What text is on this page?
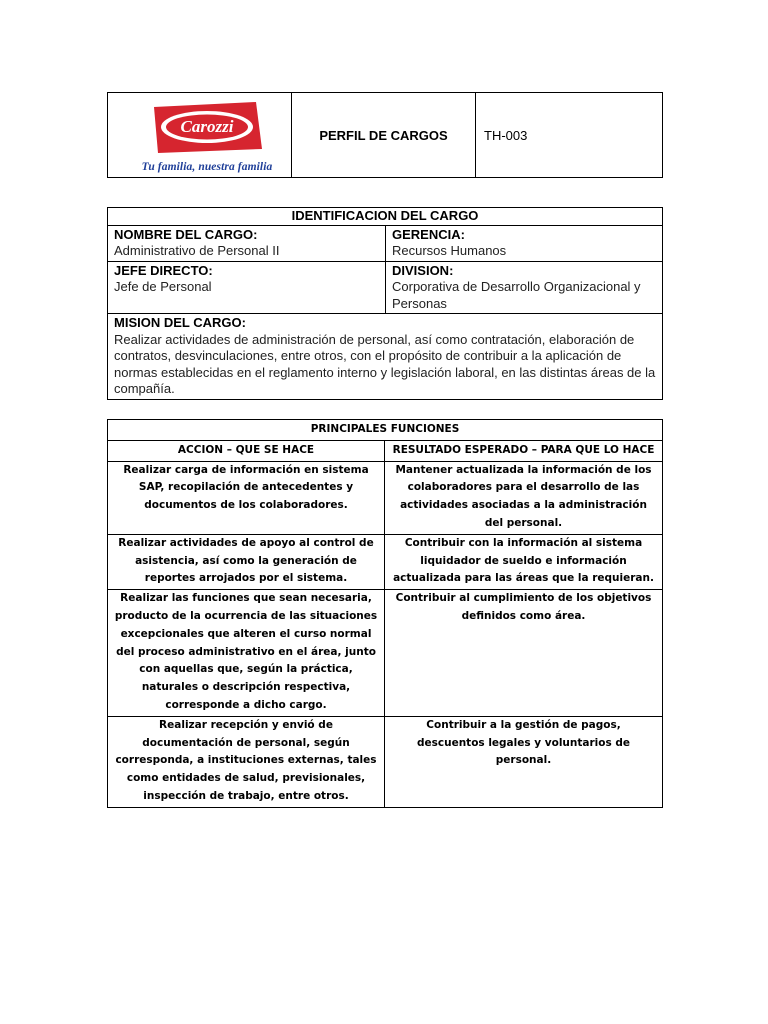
Carozzi
Tu familia, nuestra familia
	PERFIL DE CARGOS	TH-003
IDENTIFICACION DEL CARGO	

NOMBRE DEL CARGO:
Administrativo de Personal II	GERENCIA:
Recursos Humanos

JEFE DIRECTO:
Jefe de Personal	DIVISION:
Corporativa de Desarrollo Organizacional y Personas

MISION DEL CARGO:
Realizar actividades de administración de personal, así como contratación, elaboración de contratos, desvinculaciones, entre otros, con el propósito de contribuir a la aplicación de normas establecidas en el reglamento interno y legislación laboral, en las distintas áreas de la compañía.	
PRINCIPALES FUNCIONES	
ACCION – QUE SE HACE	RESULTADO ESPERADO – PARA QUE LO HACE
Realizar carga de información en sistema SAP, recopilación de antecedentes y documentos de los colaboradores.	Mantener actualizada la información de los colaboradores para el desarrollo de las actividades asociadas a la administración del personal.
Realizar actividades de apoyo al control de asistencia, así como la generación de reportes arrojados por el sistema.	Contribuir con la información al sistema liquidador de sueldo e información actualizada para las áreas que la requieran.
Realizar las funciones que sean necesaria, producto de la ocurrencia de las situaciones excepcionales que alteren el curso normal del proceso administrativo en el área, junto con aquellas que, según la práctica, naturales o descripción respectiva, corresponde a dicho cargo.	Contribuir al cumplimiento de los objetivos definidos como área.
Realizar recepción y envió de documentación de personal, según corresponda, a instituciones externas, tales como entidades de salud, previsionales, inspección de trabajo, entre otros.	Contribuir a la gestión de pagos, descuentos legales y voluntarios de personal.
